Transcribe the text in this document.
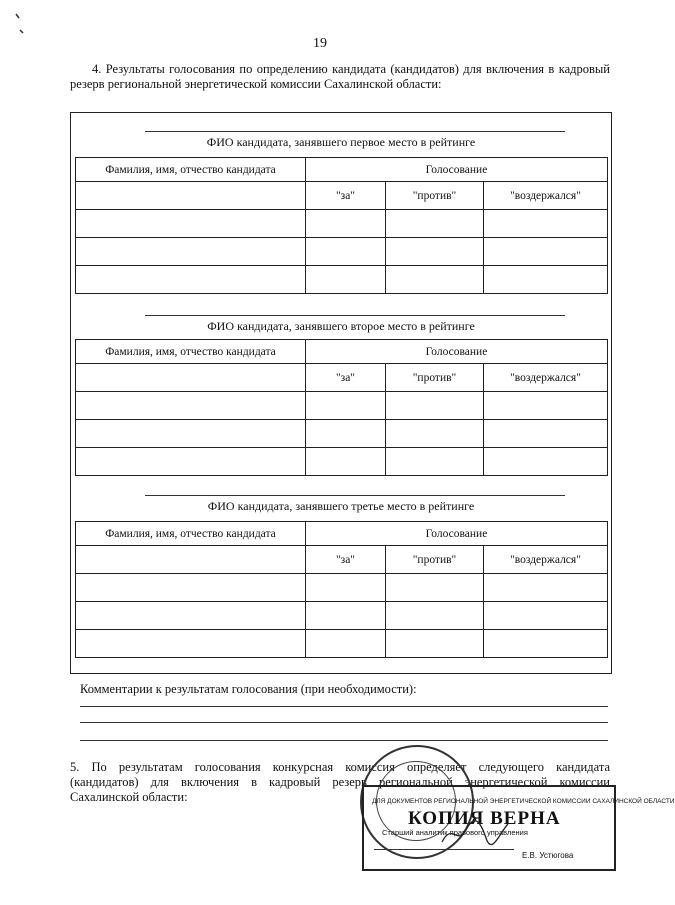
19
4. Результаты голосования по определению кандидата (кандидатов) для включения в кадровый резерв региональной энергетической комиссии Сахалинской области:
ФИО кандидата, занявшего первое место в рейтинге
Фамилия, имя, отчество кандидата	Голосование		

	"за"	"против"	"воздержался"

ФИО кандидата, занявшего второе место в рейтинге
Фамилия, имя, отчество кандидата	Голосование		

	"за"	"против"	"воздержался"

ФИО кандидата, занявшего третье место в рейтинге
Фамилия, имя, отчество кандидата	Голосование		

	"за"	"против"	"воздержался"

Комментарии к результатам голосования (при необходимости):
5. По результатам голосования конкурсная комиссия определяет следующего кандидата
(кандидатов) для включения в кадровый резерв региональной энергетической комиссии
Сахалинской области:	ДЛЯ ДОКУМЕНТОВ РЕГИОНАЛЬНОЙ ЭНЕРГЕТИЧЕСКОЙ КОМИССИИ САХАЛИНСКОЙ ОБЛАСТИ
КОПИЯ ВЕРНА
Старший аналитик правового управления
Е.В. Устюгова
